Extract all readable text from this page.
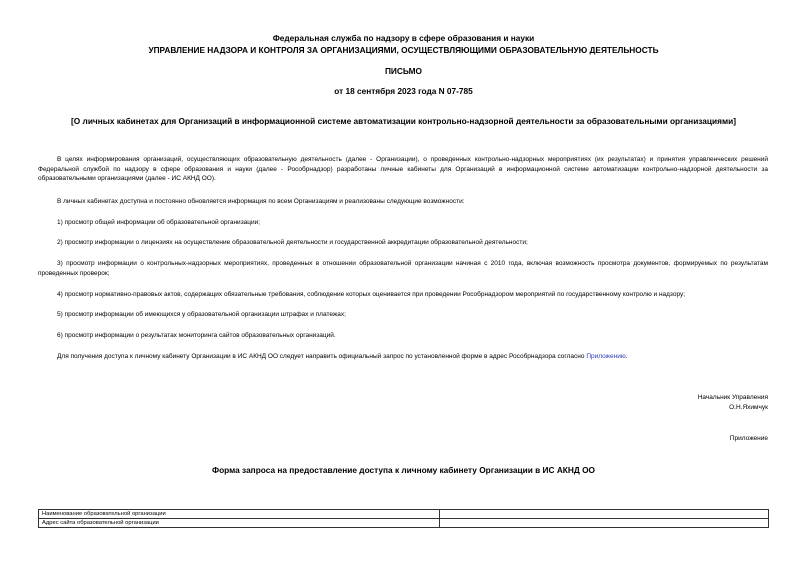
Федеральная служба по надзору в сфере образования и науки
УПРАВЛЕНИЕ НАДЗОРА И КОНТРОЛЯ ЗА ОРГАНИЗАЦИЯМИ, ОСУЩЕСТВЛЯЮЩИМИ ОБРАЗОВАТЕЛЬНУЮ ДЕЯТЕЛЬНОСТЬ
ПИСЬМО
от 18 сентября 2023 года N 07-785
[О личных кабинетах для Организаций в информационной системе автоматизации контрольно-надзорной деятельности за образовательными организациями]
В целях информирования организаций, осуществляющих образовательную деятельность (далее - Организации), о проведенных контрольно-надзорных мероприятиях (их результатах) и принятия управленческих решений Федеральной службой по надзору в сфере образования и науки (далее - Рособрнадзор) разработаны личные кабинеты для Организаций в информационной системе автоматизации контрольно-надзорной деятельности за образовательными организациями (далее - ИС АКНД ОО).
В личных кабинетах доступна и постоянно обновляется информация по всем Организациям и реализованы следующие возможности:
1) просмотр общей информации об образовательной организации;
2) просмотр информации о лицензиях на осуществление образовательной деятельности и государственной аккредитации образовательной деятельности;
3) просмотр информации о контрольных-надзорных мероприятиях, проведенных в отношении образовательной организации начиная с 2010 года, включая возможность просмотра документов, формируемых по результатам проведенных проверок;
4) просмотр нормативно-правовых актов, содержащих обязательные требования, соблюдение которых оценивается при проведении Рособрнадзором мероприятий по государственному контролю и надзору;
5) просмотр информации об имеющихся у образовательной организации штрафах и платежах;
6) просмотр информации о результатах мониторинга сайтов образовательных организаций.
Для получения доступа к личному кабинету Организации в ИС АКНД ОО следует направить официальный запрос по установленной форме в адрес Рособрнадзора согласно Приложению.
Начальник Управления
О.Н.Яхимчук
Приложение
Форма запроса на предоставление доступа к личному кабинету Организации в ИС АКНД ОО
Наименование образовательной организации	
Адрес сайта образовательной организации	
